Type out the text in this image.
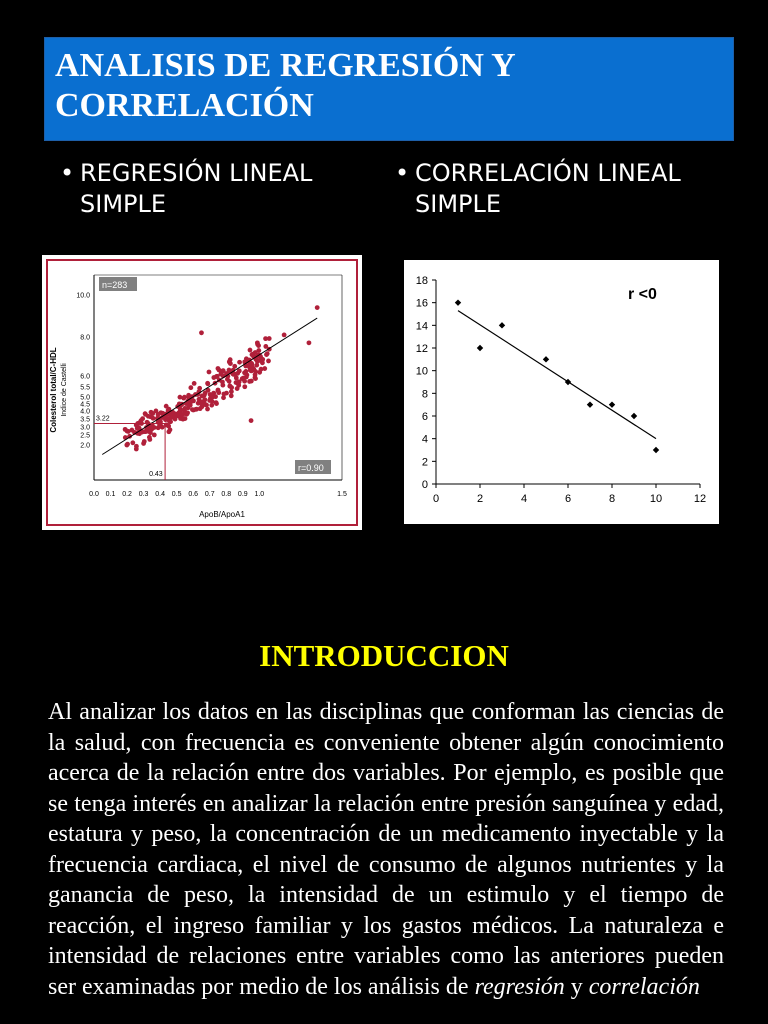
ANALISIS DE REGRESIÓN Y
CORRELACIÓN
• REGRESIÓN LINEAL
SIMPLE
• CORRELACIÓN LINEAL
SIMPLE
0.0 0.1 0.2 0.3 0.4 0.5 0.6 0.7 0.8 0.9 1.0	1.5
2.0
2.5
3.0
3.5
4.0
4.5
5.0
5.5
6.0
8.0
10.0
n=283
r=0.90
3.22
0.43
ApoB/ApoA1
Colesterol total/C-HDL Indice de Castelli
0	2	4	6	8	10	12
0
2
4
6
8
10
12
14
16
18
r <0
INTRODUCCION
Al analizar los datos en las disciplinas que conforman las ciencias de la salud, con frecuencia es conveniente obtener algún conocimiento acerca de la relación entre dos variables. Por ejemplo, es posible que se tenga interés en analizar la relación entre presión sanguínea y edad, estatura y peso, la concentración de un medicamento inyectable y la frecuencia cardiaca, el nivel de consumo de algunos nutrientes y la ganancia de peso, la intensidad de un estimulo y el tiempo de reacción, el ingreso familiar y los gastos médicos. La naturaleza e intensidad de relaciones entre variables como las anteriores pueden ser examinadas por medio de los análisis de regresión y correlación
